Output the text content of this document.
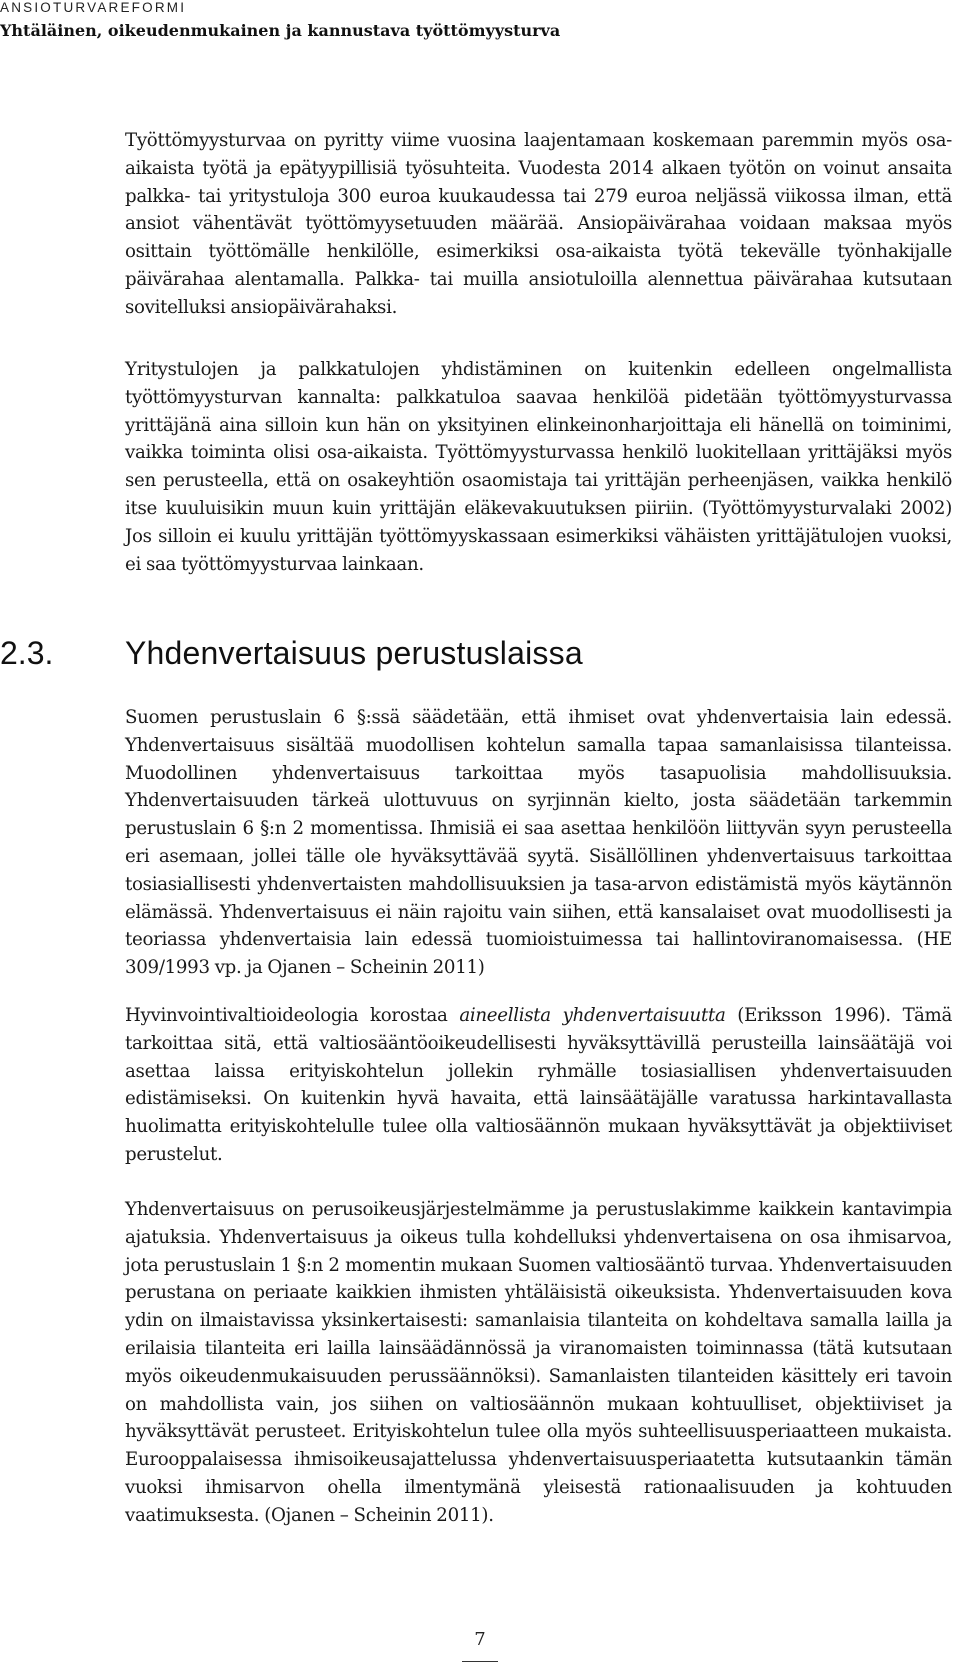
ANSIOTURVAREFORMI
Yhtäläinen, oikeudenmukainen ja kannustava työttömyysturva

Työttömyysturvaa on pyritty viime vuosina laajentamaan koskemaan paremmin myös osa-aikaista työtä ja epätyypillisiä työsuhteita. Vuodesta 2014 alkaen työtön on voinut ansaita palkka- tai yritystuloja 300 euroa kuukaudessa tai 279 euroa neljässä viikossa ilman, että ansiot vähentävät työttömyysetuuden määrää. Ansiopäivärahaa voidaan maksaa myös osittain työttömälle henkilölle, esimerkiksi osa-aikaista työtä tekevälle työnhakijalle päivärahaa alentamalla. Palkka- tai muilla ansiotuloilla alennettua päivärahaa kutsutaan sovitelluksi ansiopäivärahaksi.

Yritystulojen ja palkkatulojen yhdistäminen on kuitenkin edelleen ongelmallista työttömyysturvan kannalta: palkkatuloa saavaa henkilöä pidetään työttömyysturvassa yrittäjänä aina silloin kun hän on yksityinen elinkeinonharjoittaja eli hänellä on toiminimi, vaikka toiminta olisi osa-aikaista. Työttömyysturvassa henkilö luokitellaan yrittäjäksi myös sen perusteella, että on osakeyhtiön osaomistaja tai yrittäjän perheenjäsen, vaikka henkilö itse kuuluisikin muun kuin yrittäjän eläkevakuutuksen piiriin. (Työttömyysturvalaki 2002) Jos silloin ei kuulu yrittäjän työttömyyskassaan esimerkiksi vähäisten yrittäjätulojen vuoksi, ei saa työttömyysturvaa lainkaan.

2.3. Yhdenvertaisuus perustuslaissa

Suomen perustuslain 6 §:ssä säädetään, että ihmiset ovat yhdenvertaisia lain edessä. Yhdenvertaisuus sisältää muodollisen kohtelun samalla tapaa samanlaisissa tilanteissa. Muodollinen yhdenvertaisuus tarkoittaa myös tasapuolisia mahdollisuuksia. Yhdenvertaisuuden tärkeä ulottuvuus on syrjinnän kielto, josta säädetään tarkemmin perustuslain 6 §:n 2 momentissa. Ihmisiä ei saa asettaa henkilöön liittyvän syyn perusteella eri asemaan, jollei tälle ole hyväksyttävää syytä. Sisällöllinen yhdenvertaisuus tarkoittaa tosiasiallisesti yhdenvertaisten mahdollisuuksien ja tasa-arvon edistämistä myös käytännön elämässä. Yhdenvertaisuus ei näin rajoitu vain siihen, että kansalaiset ovat muodollisesti ja teoriassa yhdenvertaisia lain edessä tuomioistuimessa tai hallintoviranomaisessa. (HE 309/1993 vp. ja Ojanen – Scheinin 2011)

Hyvinvointivaltioideologia korostaa aineellista yhdenvertaisuutta (Eriksson 1996). Tämä tarkoittaa sitä, että valtiosääntöoikeudellisesti hyväksyttävillä perusteilla lainsäätäjä voi asettaa laissa erityiskohtelun jollekin ryhmälle tosiasiallisen yhdenvertaisuuden edistämiseksi. On kuitenkin hyvä havaita, että lainsäätäjälle varatussa harkintavallasta huolimatta erityiskohtelulle tulee olla valtiosäännön mukaan hyväksyttävät ja objektiiviset perustelut.

Yhdenvertaisuus on perusoikeusjärjestelmämme ja perustuslakimme kaikkein kantavimpia ajatuksia. Yhdenvertaisuus ja oikeus tulla kohdelluksi yhdenvertaisena on osa ihmisarvoa, jota perustuslain 1 §:n 2 momentin mukaan Suomen valtiosääntö turvaa. Yhdenvertaisuuden perustana on periaate kaikkien ihmisten yhtäläisistä oikeuksista. Yhdenvertaisuuden kova ydin on ilmaistavissa yksinkertaisesti: samanlaisia tilanteita on kohdeltava samalla lailla ja erilaisia tilanteita eri lailla lainsäädännössä ja viranomaisten toiminnassa (tätä kutsutaan myös oikeudenmukaisuuden perussäännöksi). Samanlaisten tilanteiden käsittely eri tavoin on mahdollista vain, jos siihen on valtiosäännön mukaan kohtuulliset, objektiiviset ja hyväksyttävät perusteet. Erityiskohtelun tulee olla myös suhteellisuusperiaatteen mukaista. Eurooppalaisessa ihmisoikeusajattelussa yhdenvertaisuusperiaatetta kutsutaankin tämän vuoksi ihmisarvon ohella ilmentymänä yleisestä rationaalisuuden ja kohtuuden vaatimuksesta. (Ojanen – Scheinin 2011).

7
